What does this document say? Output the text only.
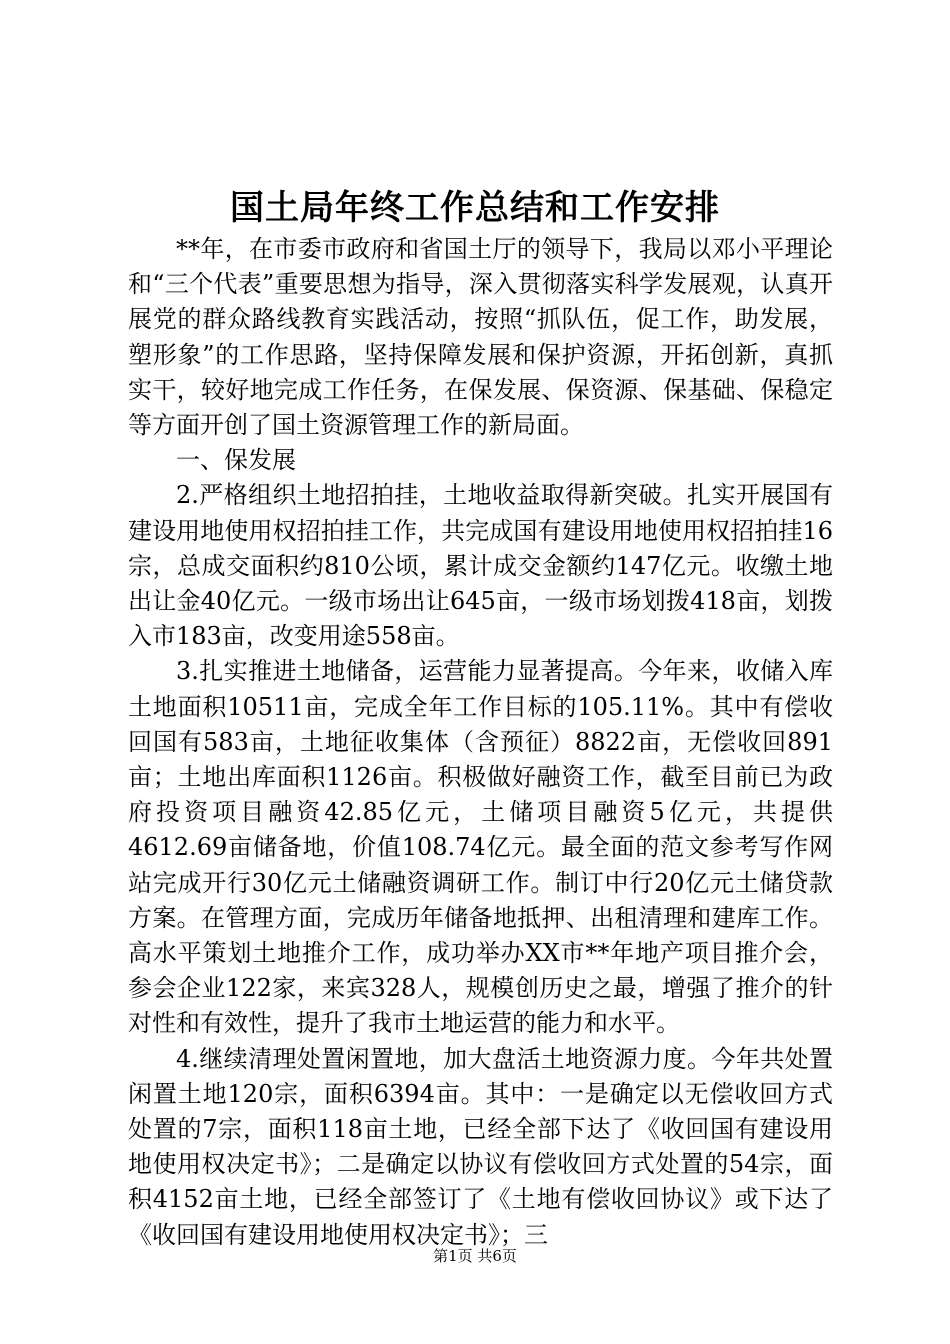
国土局年终工作总结和工作安排

**年，在市委市政府和省国土厅的领导下，我局以邓小平理论和“三个代表”重要思想为指导，深入贯彻落实科学发展观，认真开展党的群众路线教育实践活动，按照“抓队伍，促工作，助发展，塑形象”的工作思路，坚持保障发展和保护资源，开拓创新，真抓实干，较好地完成工作任务，在保发展、保资源、保基础、保稳定等方面开创了国土资源管理工作的新局面。

一、保发展

2.严格组织土地招拍挂，土地收益取得新突破。扎实开展国有建设用地使用权招拍挂工作，共完成国有建设用地使用权招拍挂16宗，总成交面积约810公顷，累计成交金额约147亿元。收缴土地出让金40亿元。一级市场出让645亩，一级市场划拨418亩，划拨入市183亩，改变用途558亩。

3.扎实推进土地储备，运营能力显著提高。今年来，收储入库土地面积10511亩，完成全年工作目标的105.11%。其中有偿收回国有583亩，土地征收集体（含预征）8822亩，无偿收回891亩；土地出库面积1126亩。积极做好融资工作，截至目前已为政府投资项目融资42.85亿元，土储项目融资5亿元，共提供4612.69亩储备地，价值108.74亿元。最全面的范文参考写作网站完成开行30亿元土储融资调研工作。制订中行20亿元土储贷款方案。在管理方面，完成历年储备地抵押、出租清理和建库工作。高水平策划土地推介工作，成功举办XX市**年地产项目推介会，参会企业122家，来宾328人，规模创历史之最，增强了推介的针对性和有效性，提升了我市土地运营的能力和水平。

4.继续清理处置闲置地，加大盘活土地资源力度。今年共处置闲置土地120宗，面积6394亩。其中：一是确定以无偿收回方式处置的7宗，面积118亩土地，已经全部下达了《收回国有建设用地使用权决定书》；二是确定以协议有偿收回方式处置的54宗，面积4152亩土地，已经全部签订了《土地有偿收回协议》或下达了《收回国有建设用地使用权决定书》；三

第1页 共6页
